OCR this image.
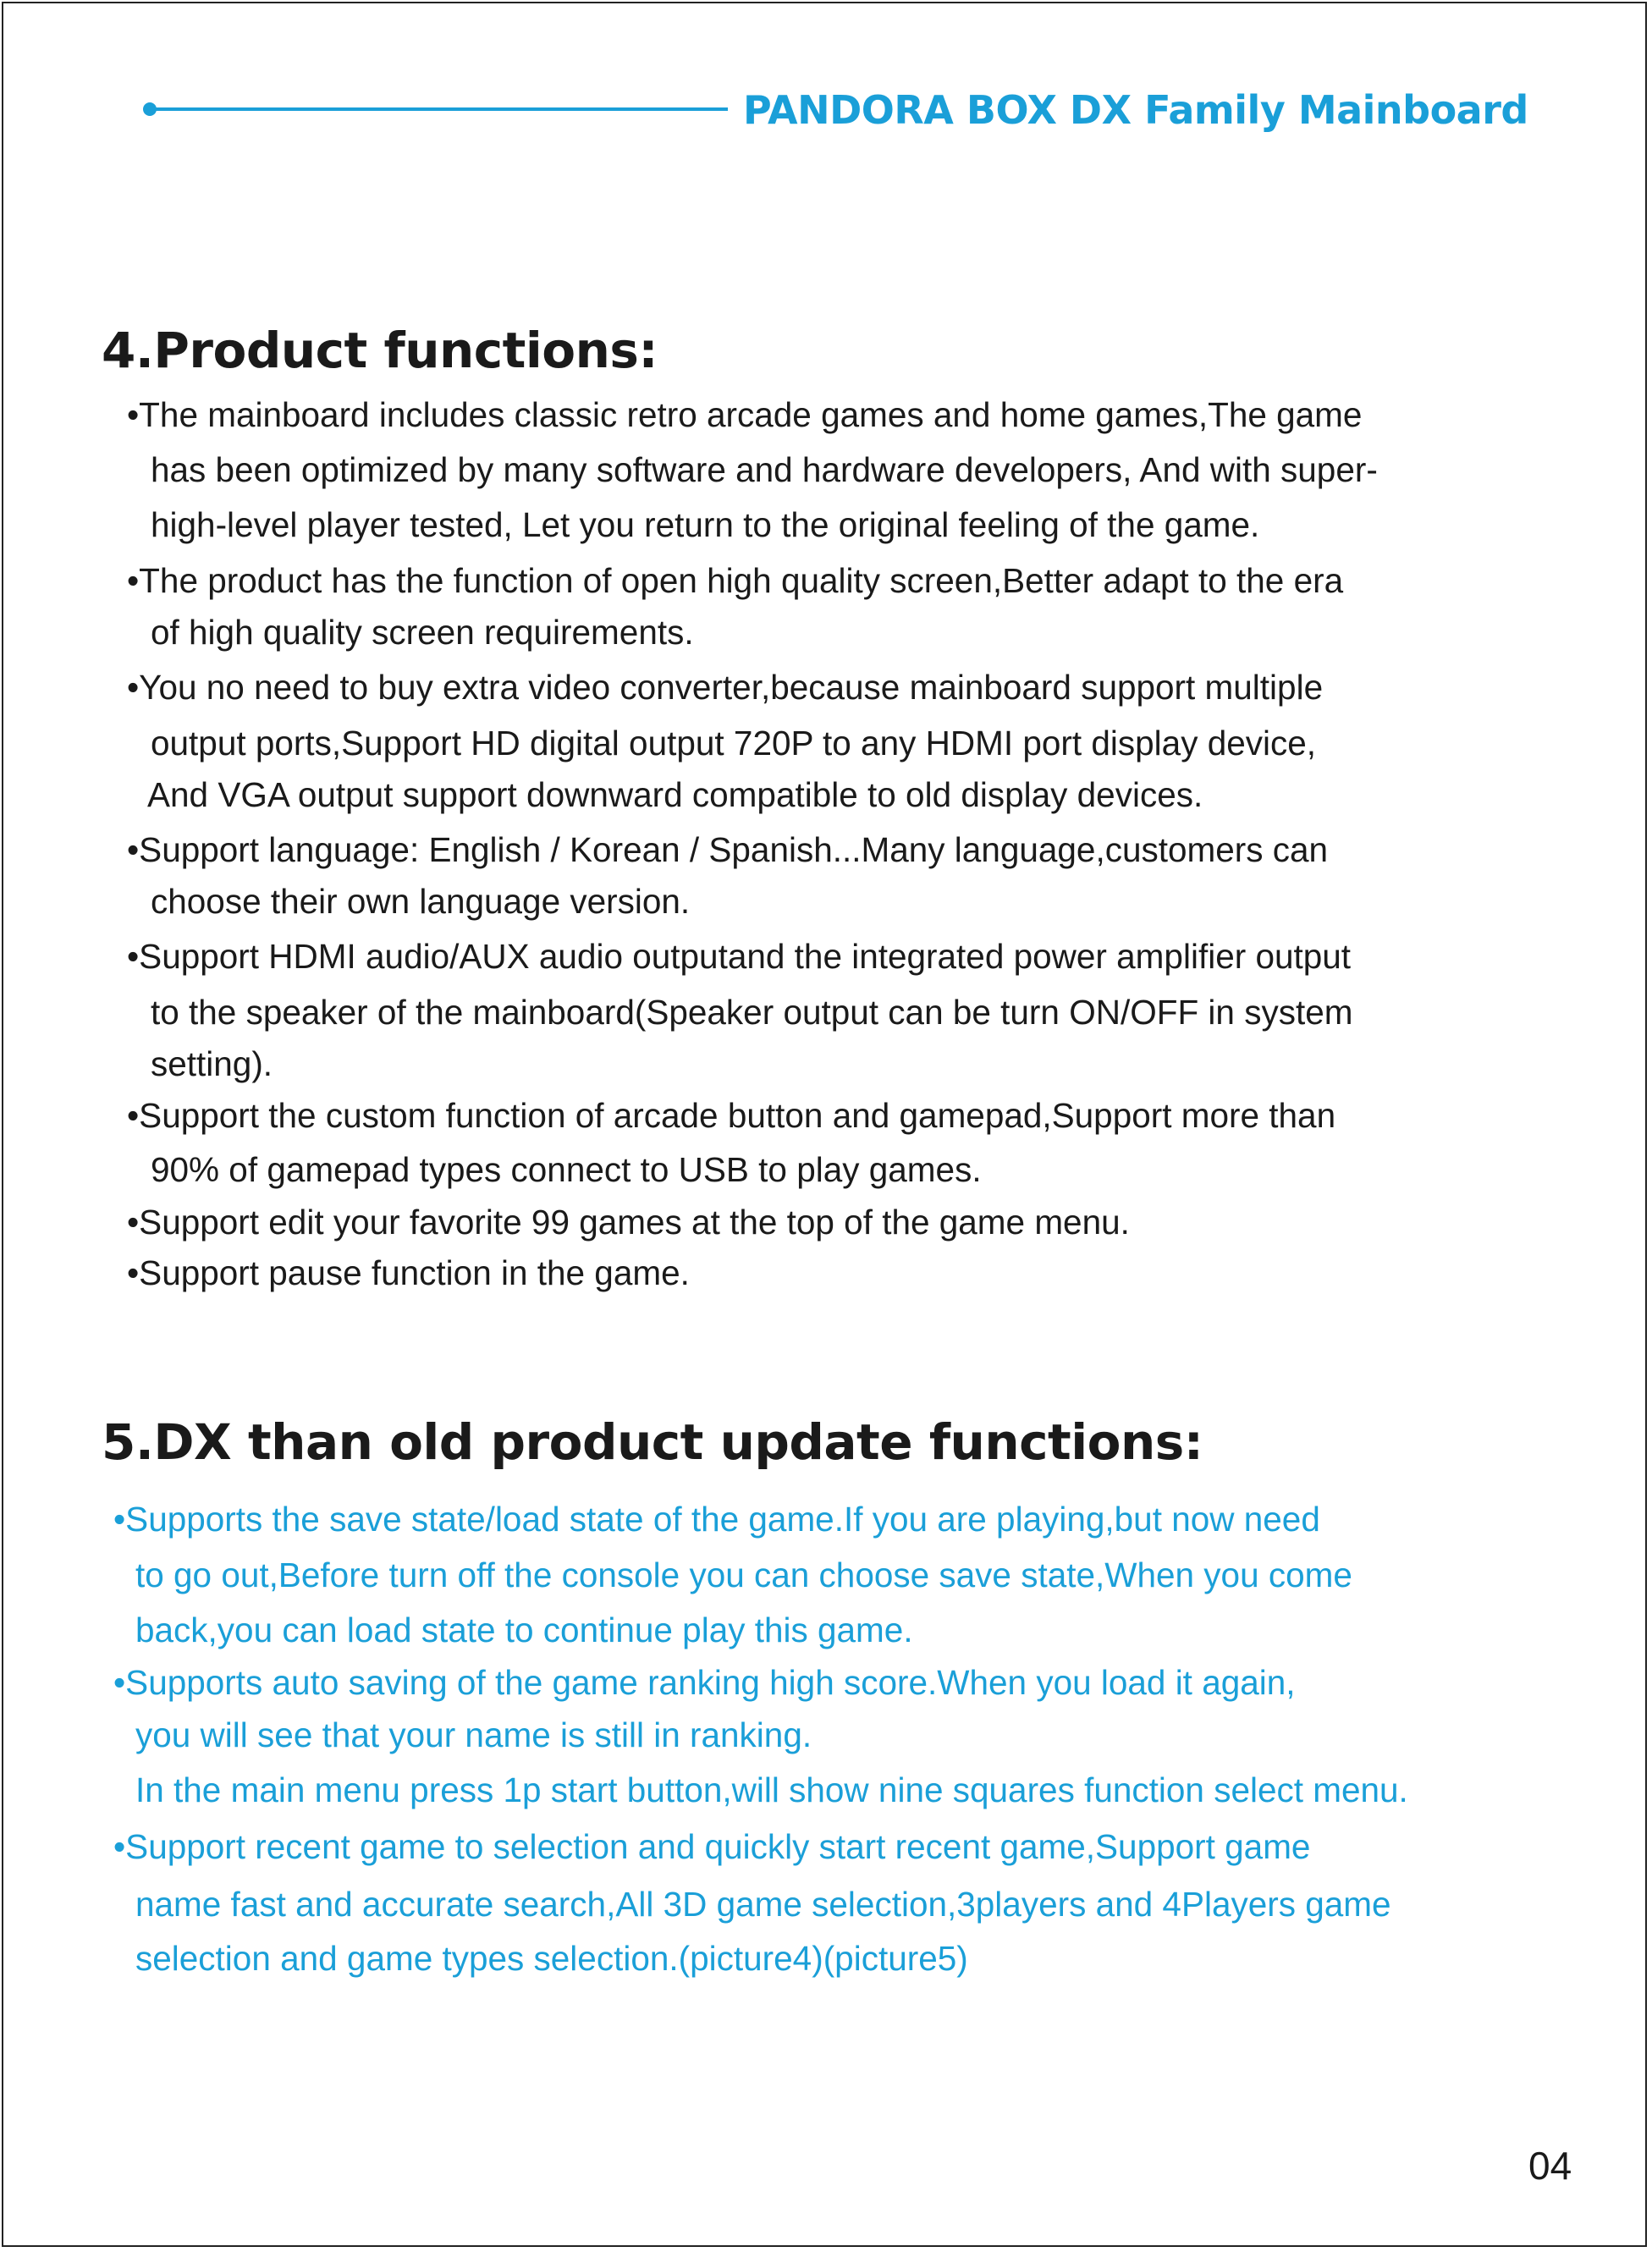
PANDORA BOX DX Family Mainboard
4.Product functions:
•The mainboard includes classic retro arcade games and home games,The game
has been optimized by many software and hardware developers, And with super-
high-level player tested, Let you return to the original feeling of the game.
•The product has the function of open high quality screen,Better adapt to the era
of high quality screen requirements.
•You no need to buy extra video converter,because mainboard support multiple
output ports,Support HD digital output 720P to any HDMI port display device,
And VGA output support downward compatible to old display devices.
•Support language: English / Korean / Spanish...Many language,customers can
choose their own language version.
•Support HDMI audio/AUX audio outputand the integrated power amplifier output
to the speaker of the mainboard(Speaker output can be turn ON/OFF in system
setting).
•Support the custom function of arcade button and gamepad,Support more than
90% of gamepad types connect to USB to play games.
•Support edit your favorite 99 games at the top of the game menu.
•Support pause function in the game.
5.DX than old product update functions:
•Supports the save state/load state of the game.If you are playing,but now need
to go out,Before turn off the console you can choose save state,When you come
back,you can load state to continue play this game.
•Supports auto saving of the game ranking high score.When you load it again,
you will see that your name is still in ranking.
In the main menu press 1p start button,will show nine squares function select menu.
•Support recent game to selection and quickly start recent game,Support game
name fast and accurate search,All 3D game selection,3players and 4Players game
selection and game types selection.(picture4)(picture5)
04
